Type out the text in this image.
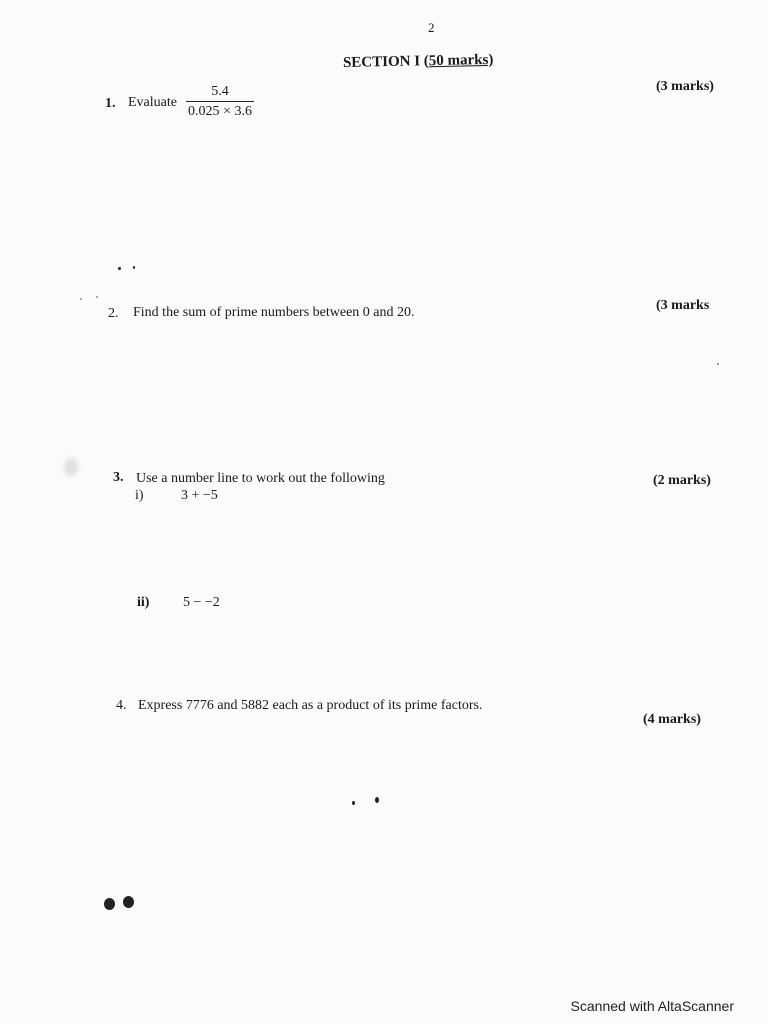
2
SECTION I (50 marks)
1. Evaluate
5.4
0.025 × 3.6
(3 marks)
2. Find the sum of prime numbers between 0 and 20.	(3 marks
3. Use a number line to work out the following	(2 marks)
i)	3 + −5
ii) 5 − −2
4. Express 7776 and 5882 each as a product of its prime factors.
(4 marks)
Scanned with AltaScanner
